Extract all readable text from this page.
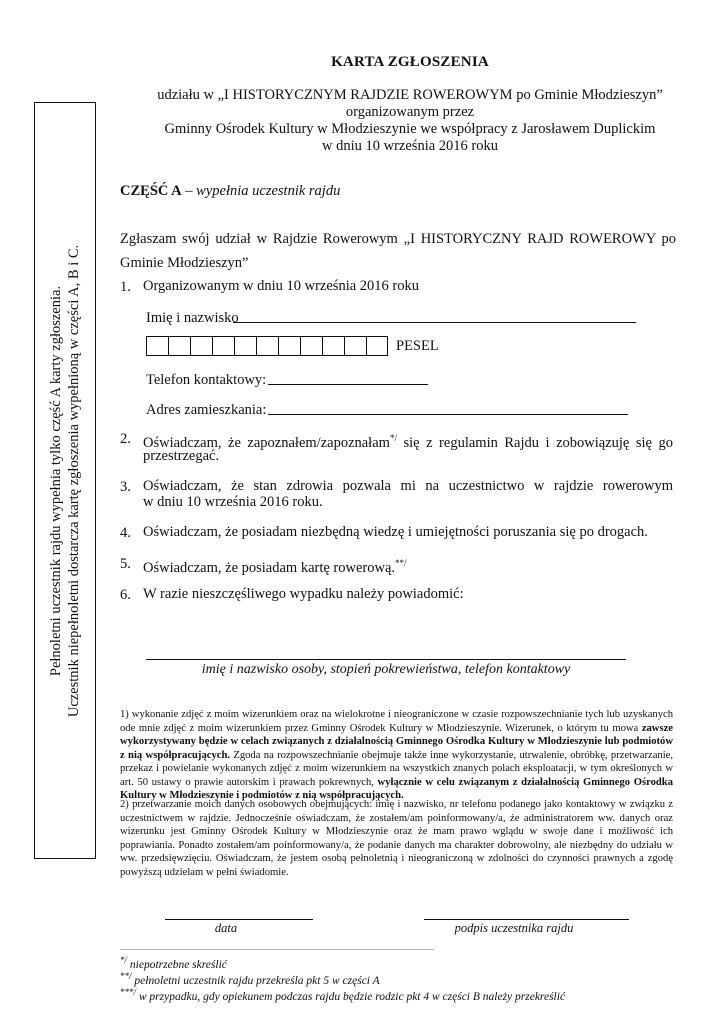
Pełnoletni uczestnik rajdu wypełnia tylko część A karty zgłoszenia. Uczestnik niepełnoletni dostarcza kartę zgłoszenia wypełnioną w części A, B i C.
KARTA ZGŁOSZENIA
udziału w „I HISTORYCZNYM RAJDZIE ROWEROWYM po Gminie Młodzieszyn”
organizowanym przez
Gminny Ośrodek Kultury w Młodzieszynie we współpracy z Jarosławem Duplickim
w dniu 10 września 2016 roku
CZĘŚĆ A – wypełnia uczestnik rajdu
Zgłaszam swój udział w Rajdzie Rowerowym „I HISTORYCZNY RAJD ROWEROWY po
Gminie Młodzieszyn”
1. Organizowanym w dniu 10 września 2016 roku
Imię i nazwisko
PESEL
Telefon kontaktowy:
Adres zamieszkania:
2. Oświadczam, że zapoznałem/zapoznałam*/ się z regulamin Rajdu i zobowiązuję się go
przestrzegać.
3. Oświadczam, że stan zdrowia pozwala mi na uczestnictwo w rajdzie rowerowym
w dniu 10 września 2016 roku.
4. Oświadczam, że posiadam niezbędną wiedzę i umiejętności poruszania się po drogach.
5. Oświadczam, że posiadam kartę rowerową.**/
6. W razie nieszczęśliwego wypadku należy powiadomić:
imię i nazwisko osoby, stopień pokrewieństwa, telefon kontaktowy
1) wykonanie zdjęć z moim wizerunkiem oraz na wielokrotne i nieograniczone w czasie rozpowszechnianie tych lub uzyskanych ode mnie zdjęć z moim wizerunkiem przez Gminny Ośrodek Kultury w Młodzieszynie. Wizerunek, o którym tu mowa zawsze wykorzystywany będzie w celach związanych z działalnością Gminnego Ośrodka Kultury w Młodzieszynie lub podmiotów z nią współpracujących. Zgoda na rozpowszechnianie obejmuje także inne wykorzystanie, utrwalenie, obróbkę, przetwarzanie, przekaz i powielanie wykonanych zdjęć z moim wizerunkiem na wszystkich znanych polach eksploatacji, w tym określonych w art. 50 ustawy o prawie autorskim i prawach pokrewnych, wyłącznie w celu związanym z działalnością Gminnego Ośrodka Kultury w Młodzieszynie i podmiotów z nią współpracujących.
2) przetwarzanie moich danych osobowych obejmujących: imię i nazwisko, nr telefonu podanego jako kontaktowy w związku z uczestnictwem w rajdzie. Jednocześnie oświadczam, że zostałem/am poinformowany/a, że administratorem ww. danych oraz wizerunku jest Gminny Ośrodek Kultury w Młodzieszynie oraz że mam prawo wglądu w swoje dane i możliwość ich poprawiania. Ponadto zostałem/am poinformowany/a, że podanie danych ma charakter dobrowolny, ale niezbędny do udziału w ww. przedsięwzięciu. Oświadczam, że jestem osobą pełnoletnią i nieograniczoną w zdolności do czynności prawnych a zgodę powyższą udzielam w pełni świadomie.
data	podpis uczestnika rajdu
*/ niepotrzebne skreślić
**/ pełnoletni uczestnik rajdu przekreśla pkt 5 w części A
***/ w przypadku, gdy opiekunem podczas rajdu będzie rodzic pkt 4 w części B należy przekreślić
